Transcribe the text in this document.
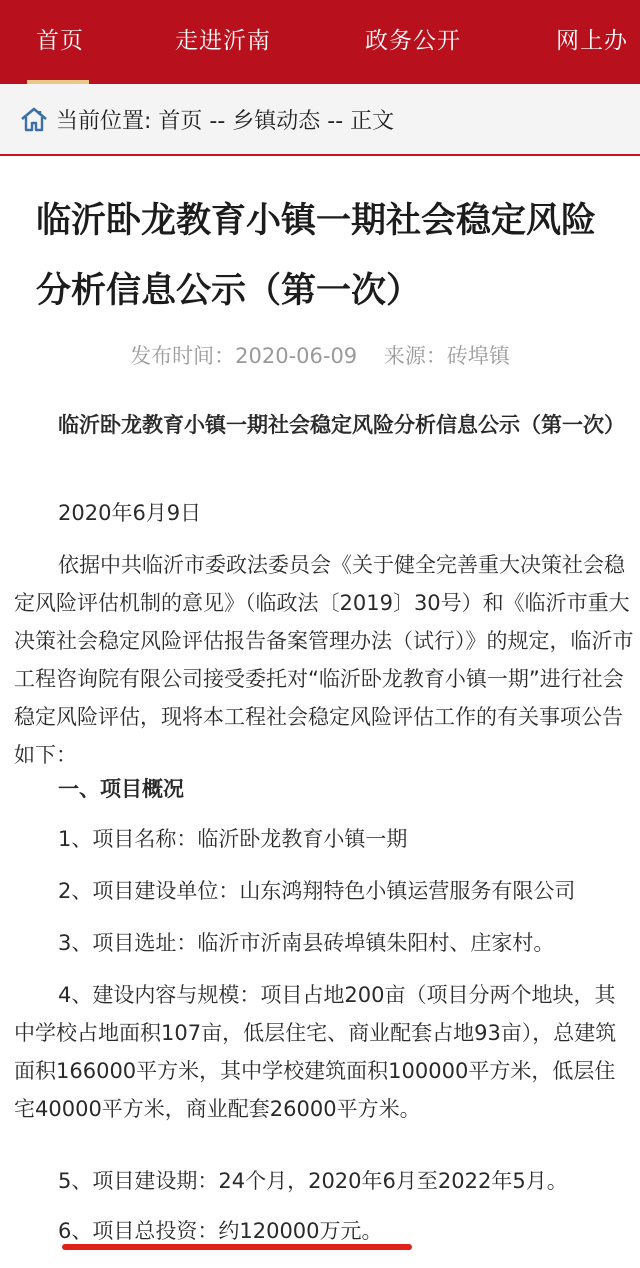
首页	走进沂南	政务公开	网上办
当前位置: 首页 -- 乡镇动态 -- 正文
临沂卧龙教育小镇一期社会稳定风险分析信息公示（第一次）
发布时间：2020-06-09 来源：砖埠镇

临沂卧龙教育小镇一期社会稳定风险分析信息公示（第一次）

2020年6月9日

依据中共临沂市委政法委员会《关于健全完善重大决策社会稳定风险评估机制的意见》（临政法〔2019〕30号）和《临沂市重大决策社会稳定风险评估报告备案管理办法（试行）》的规定，临沂市工程咨询院有限公司接受委托对“临沂卧龙教育小镇一期”进行社会稳定风险评估，现将本工程社会稳定风险评估工作的有关事项公告如下：

一、项目概况

1、项目名称：临沂卧龙教育小镇一期

2、项目建设单位：山东鸿翔特色小镇运营服务有限公司

3、项目选址：临沂市沂南县砖埠镇朱阳村、庄家村。

4、建设内容与规模：项目占地200亩（项目分两个地块，其中学校占地面积107亩，低层住宅、商业配套占地93亩），总建筑面积166000平方米，其中学校建筑面积100000平方米，低层住宅40000平方米，商业配套26000平方米。

5、项目建设期：24个月，2020年6月至2022年5月。

6、项目总投资：约120000万元。
